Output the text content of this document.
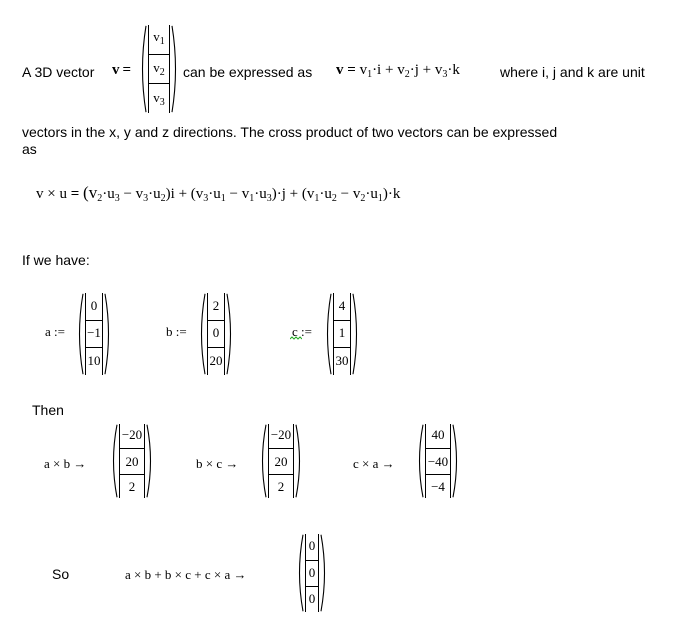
A 3D vector v =
$v_1$
$v_2$
$v_3$
can be expressed as $v = v_1\cdot i + v_2\cdot j + v_3\cdot k$	where i, j and k are unit
vectors in the x, y and z directions. The cross product of two vectors can be expressed
as
$v \times u = (v_2\cdot u_3 - v_3\cdot u_2)i + (v_3\cdot u_1 - v_1\cdot u_3)\cdot j + (v_1\cdot u_2 - v_2\cdot u_1)\cdot k$
If we have:
a :=
0
−1
10
b :=
2
0
20
c :=
4
1
30
Then
a × b →
−20
20
2
b × c →
−20
20
2
c × a →
40
−40
−4
So	a × b + b × c + c × a →
0
0
0
